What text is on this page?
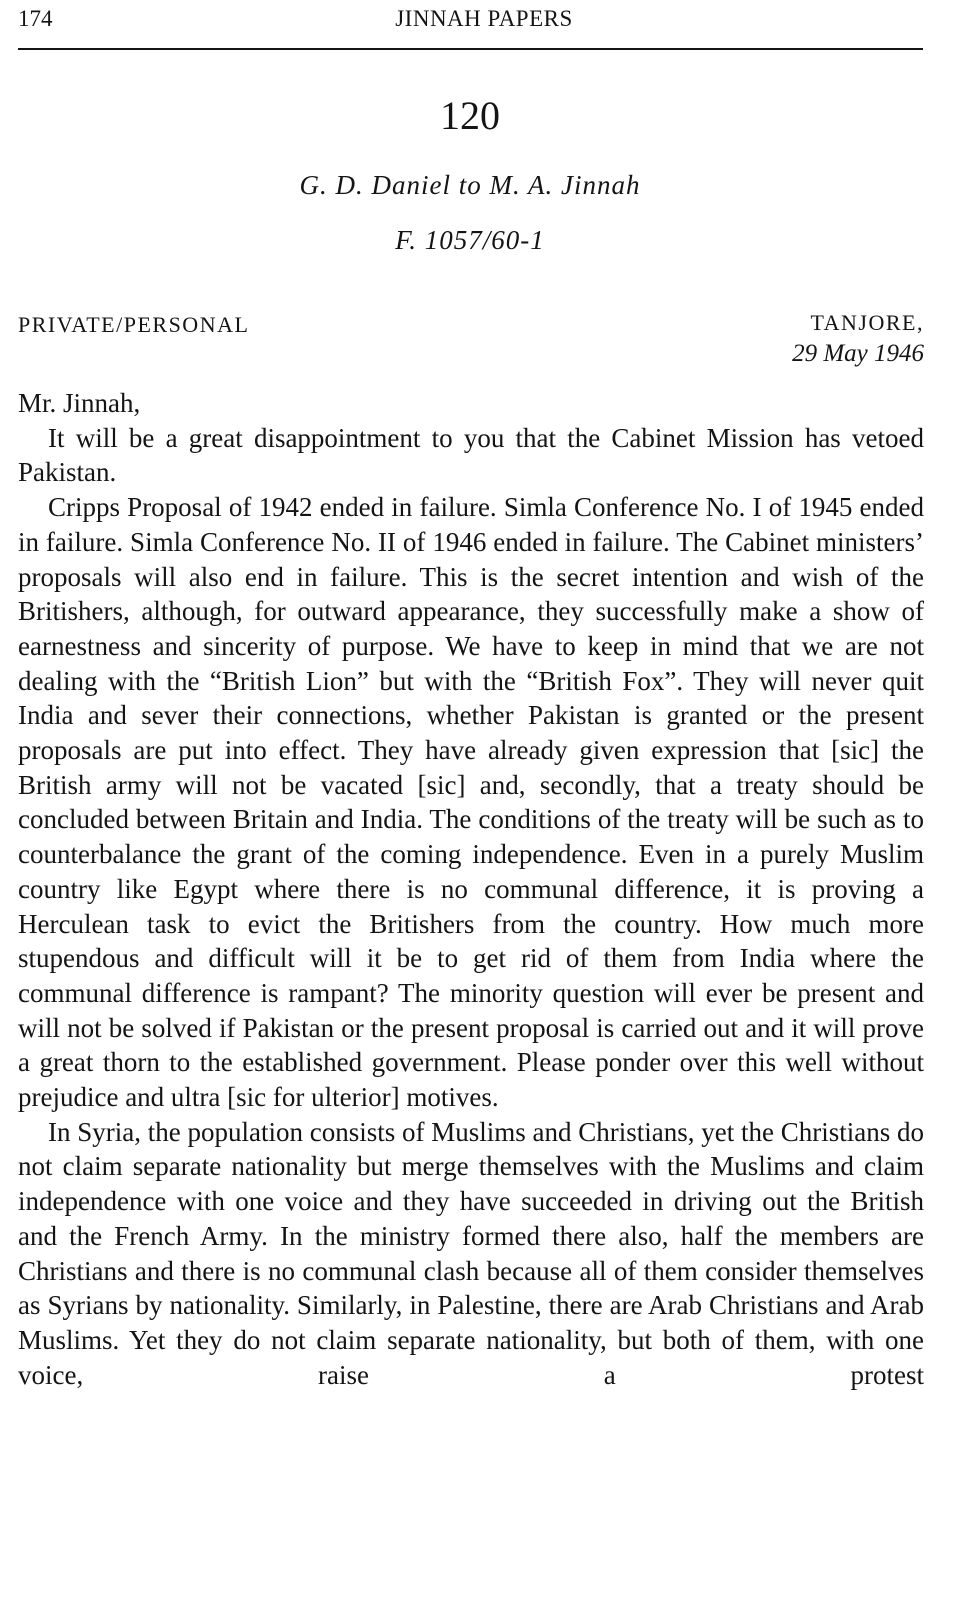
174	JINNAH PAPERS
120
G. D. Daniel to M. A. Jinnah
F. 1057/60-1
PRIVATE/PERSONAL	TANJORE,
29 May 1946

Mr. Jinnah,

It will be a great disappointment to you that the Cabinet Mission has vetoed Pakistan.

Cripps Proposal of 1942 ended in failure. Simla Conference No. I of 1945 ended in failure. Simla Conference No. II of 1946 ended in failure. The Cabinet ministers’ proposals will also end in failure. This is the secret intention and wish of the Britishers, although, for outward appearance, they successfully make a show of earnestness and sincerity of purpose. We have to keep in mind that we are not dealing with the “British Lion” but with the “British Fox”. They will never quit India and sever their connections, whether Pakistan is granted or the present proposals are put into effect. They have already given expression that [sic] the British army will not be vacated [sic] and, secondly, that a treaty should be concluded between Britain and India. The conditions of the treaty will be such as to counterbalance the grant of the coming independence. Even in a purely Muslim country like Egypt where there is no communal difference, it is proving a Herculean task to evict the Britishers from the country. How much more stupendous and difficult will it be to get rid of them from India where the communal difference is rampant? The minority question will ever be present and will not be solved if Pakistan or the present proposal is carried out and it will prove a great thorn to the established government. Please ponder over this well without prejudice and ultra [sic for ulterior] motives.

In Syria, the population consists of Muslims and Christians, yet the Christians do not claim separate nationality but merge themselves with the Muslims and claim independence with one voice and they have succeeded in driving out the British and the French Army. In the ministry formed there also, half the members are Christians and there is no communal clash because all of them consider themselves as Syrians by nationality. Similarly, in Palestine, there are Arab Christians and Arab Muslims. Yet they do not claim separate nationality, but both of them, with one voice, raise a protest
